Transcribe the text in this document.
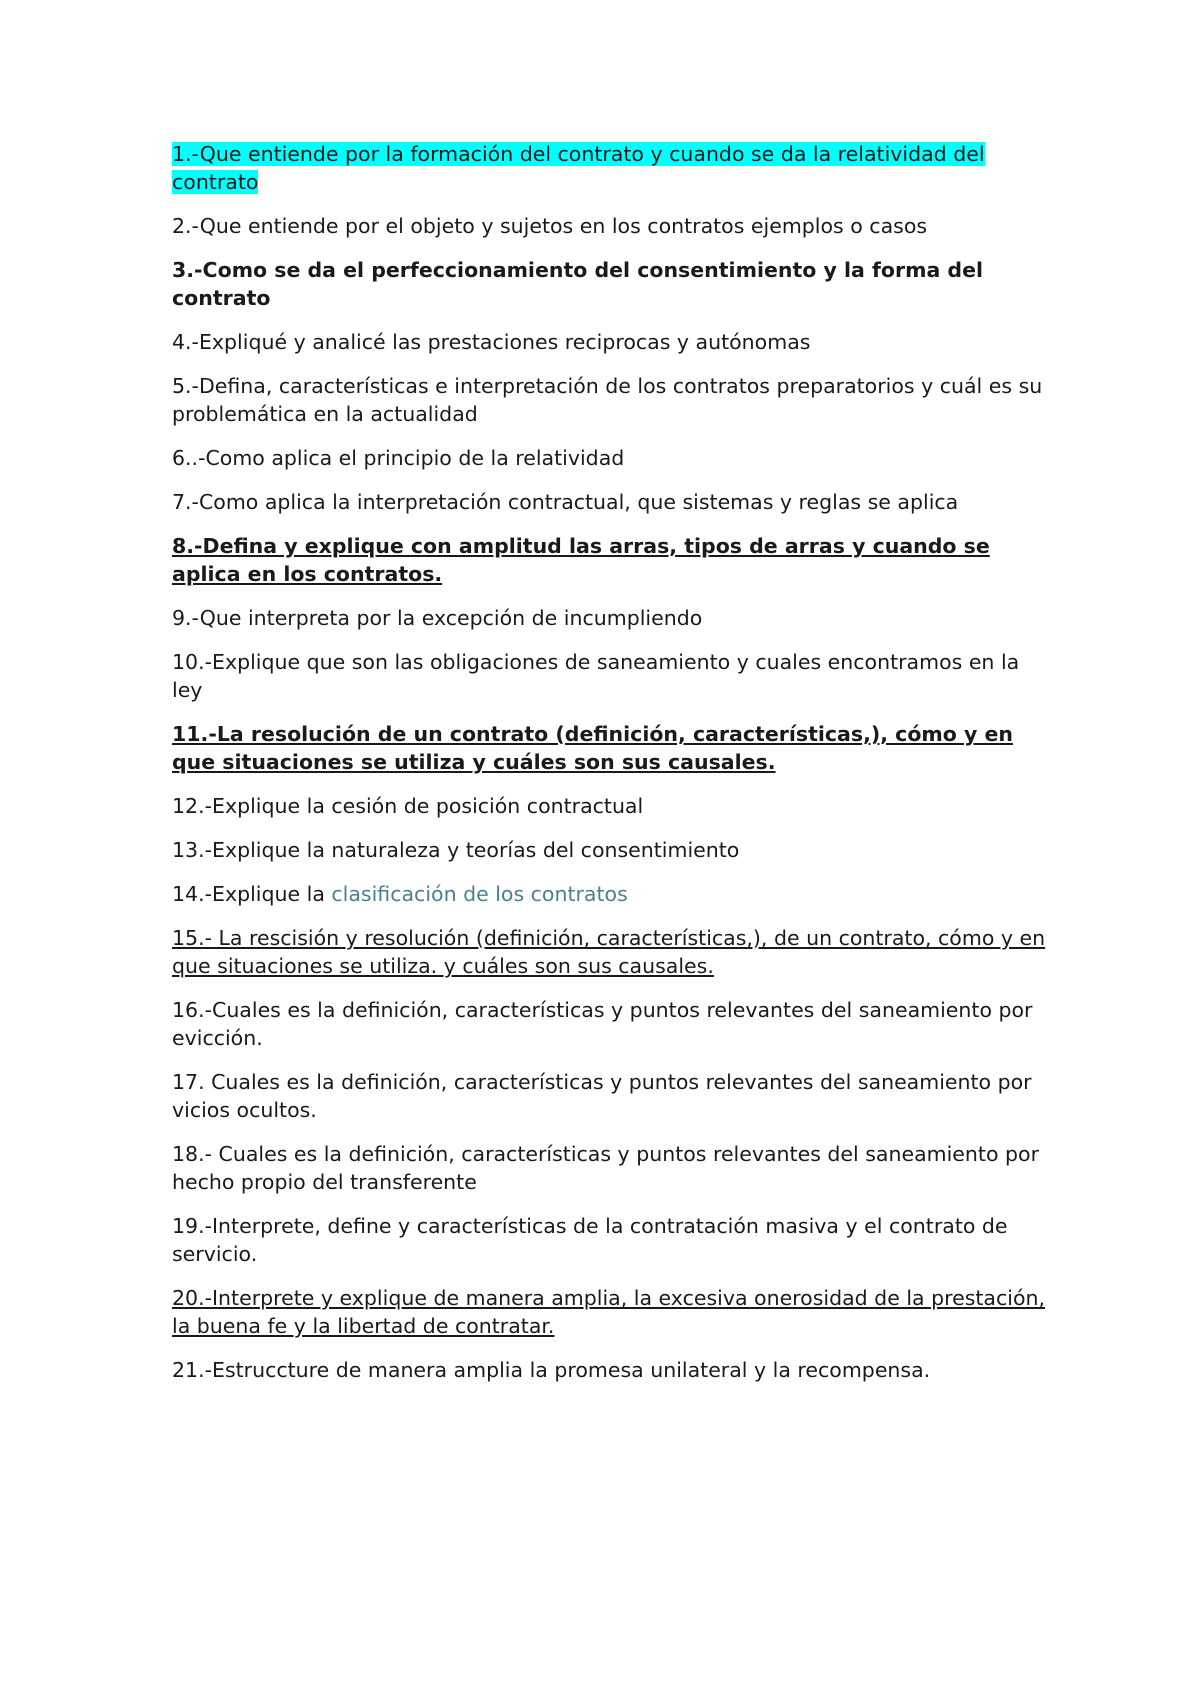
1.-Que entiende por la formación del contrato y cuando se da la relatividad del contrato

2.-Que entiende por el objeto y sujetos en los contratos ejemplos o casos

3.-Como se da el perfeccionamiento del consentimiento y la forma del contrato

4.-Expliqué y analicé las prestaciones reciprocas y autónomas

5.-Defina, características e interpretación de los contratos preparatorios y cuál es su problemática en la actualidad

6..-Como aplica el principio de la relatividad

7.-Como aplica la interpretación contractual, que sistemas y reglas se aplica

8.-Defina y explique con amplitud las arras, tipos de arras y cuando se aplica en los contratos.

9.-Que interpreta por la excepción de incumpliendo

10.-Explique que son las obligaciones de saneamiento y cuales encontramos en la ley

11.-La resolución de un contrato (definición, características,), cómo y en que situaciones se utiliza y cuáles son sus causales.

12.-Explique la cesión de posición contractual

13.-Explique la naturaleza y teorías del consentimiento

14.-Explique la clasificación de los contratos

15.- La rescisión y resolución (definición, características,), de un contrato, cómo y en que situaciones se utiliza. y cuáles son sus causales.

16.-Cuales es la definición, características y puntos relevantes del saneamiento por evicción.

17. Cuales es la definición, características y puntos relevantes del saneamiento por vicios ocultos.

18.- Cuales es la definición, características y puntos relevantes del saneamiento por hecho propio del transferente

19.-Interprete, define y características de la contratación masiva y el contrato de servicio.

20.-Interprete y explique de manera amplia, la excesiva onerosidad de la prestación, la buena fe y la libertad de contratar.

21.-Estruccture de manera amplia la promesa unilateral y la recompensa.
